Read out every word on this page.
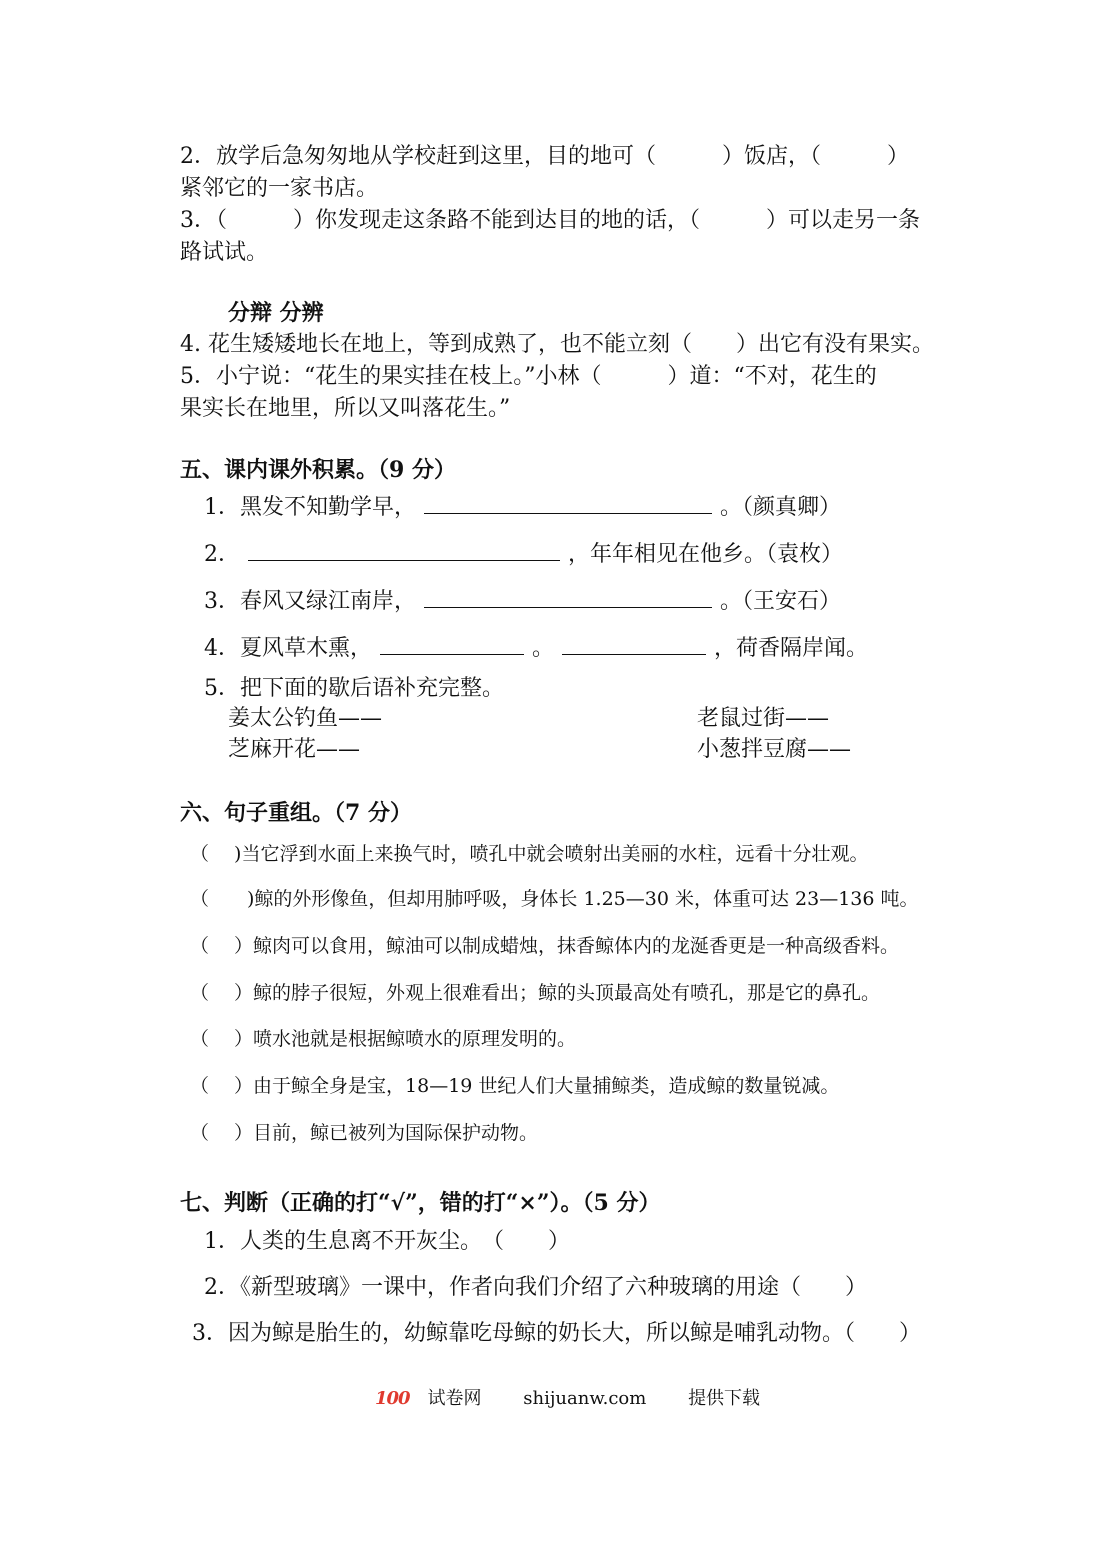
2．放学后急匆匆地从学校赶到这里，目的地可（　　　）饭店，（　　　）
紧邻它的一家书店。
3．（　　　）你发现走这条路不能到达目的地的话，（　　　）可以走另一条
路试试。
分辩 分辨
4. 花生矮矮地长在地上，等到成熟了，也不能立刻（　　）出它有没有果实。
5．小宁说：“花生的果实挂在枝上。”小林（　　　）道：“不对，花生的
果实长在地里，所以又叫落花生。”
五、课内课外积累。（9 分）
1．黑发不知勤学早，	。（颜真卿）
2．	，年年相见在他乡。（袁枚）
3．春风又绿江南岸，	。（王安石）
4．夏风草木熏，	。	，荷香隔岸闻。
5．把下面的歇后语补充完整。
姜太公钓鱼——	老鼠过街——
芝麻开花——	小葱拌豆腐——
六、句子重组。（7 分）
（　 )当它浮到水面上来换气时，喷孔中就会喷射出美丽的水柱，远看十分壮观。
（　　)鲸的外形像鱼，但却用肺呼吸，身体长 1.25—30 米，体重可达 23—136 吨。
（　 ）鲸肉可以食用，鲸油可以制成蜡烛，抹香鲸体内的龙涎香更是一种高级香料。
（　 ）鲸的脖子很短，外观上很难看出；鲸的头顶最高处有喷孔，那是它的鼻孔。
（　 ）喷水池就是根据鲸喷水的原理发明的。
（　 ）由于鲸全身是宝，18—19 世纪人们大量捕鲸类，造成鲸的数量锐减。
（　 ）目前，鲸已被列为国际保护动物。
七、判断（正确的打“√”，错的打“×”）。（5 分）
1．人类的生息离不开灰尘。　（　　）
2．《新型玻璃》一课中，作者向我们介绍了六种玻璃的用途（　　）
3．因为鲸是胎生的，幼鲸靠吃母鲸的奶长大，所以鲸是哺乳动物。（　　）
100 试卷网 shijuanw.com 提供下载
